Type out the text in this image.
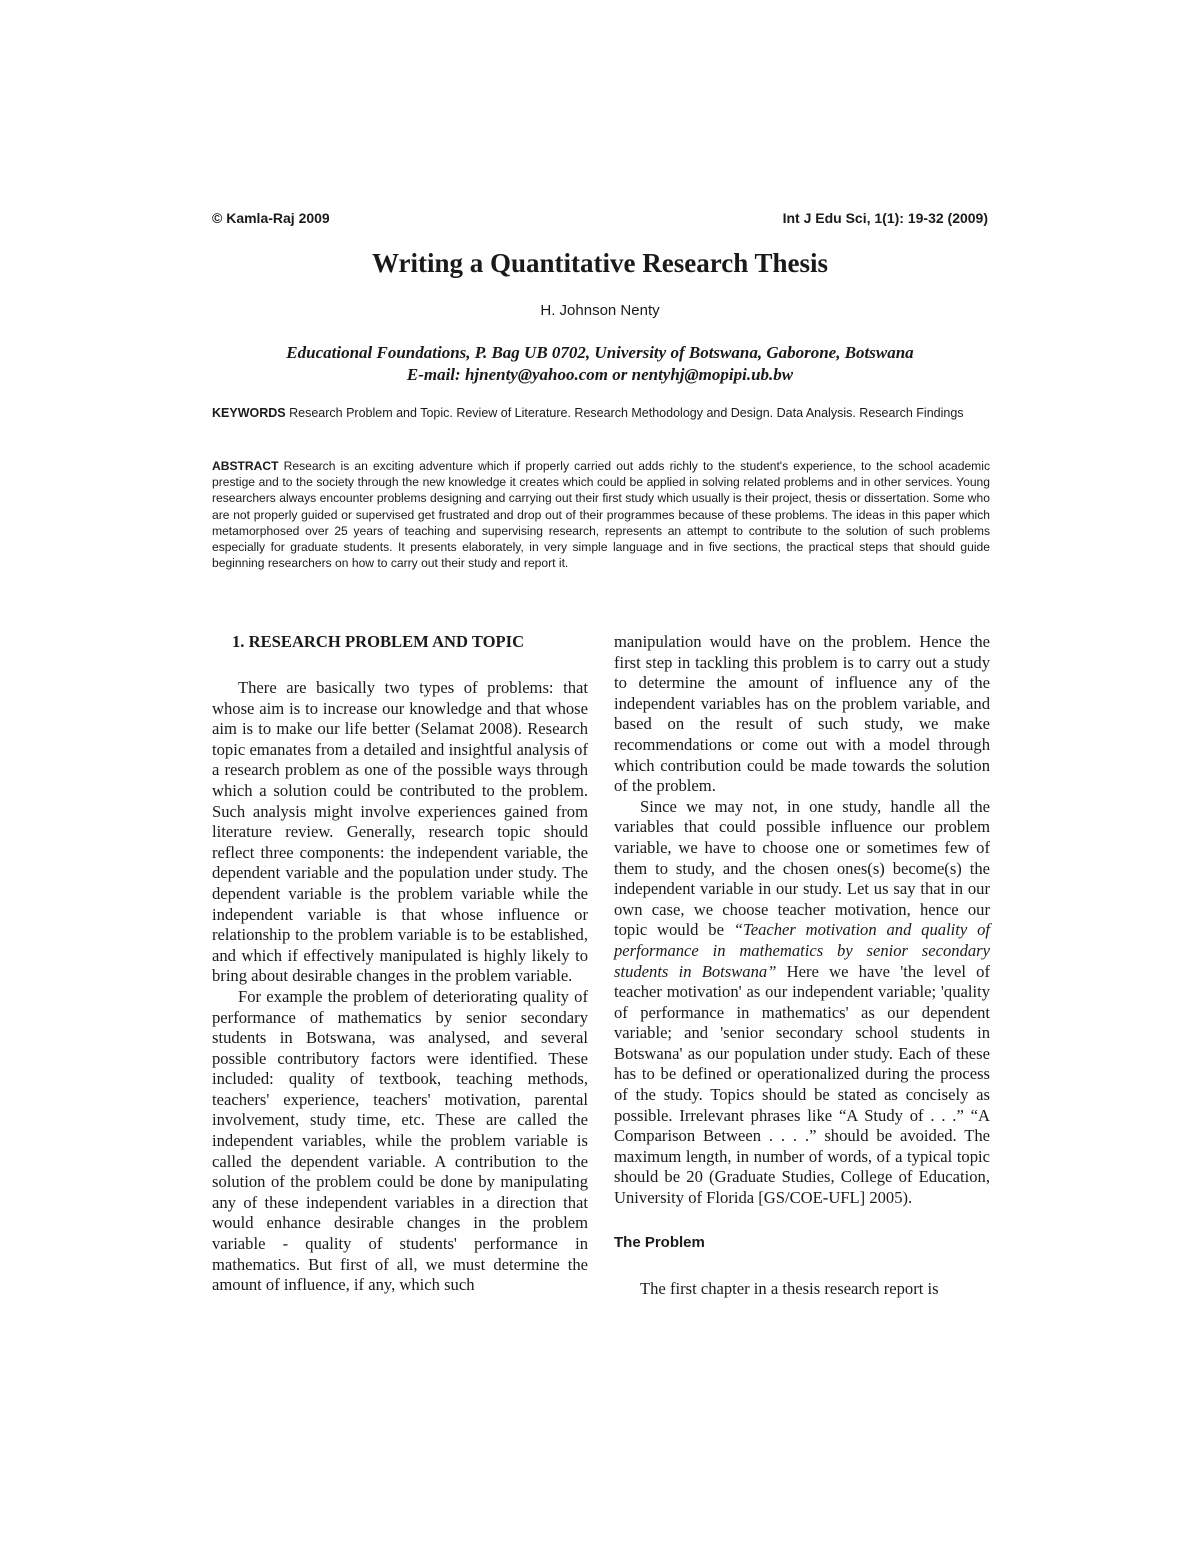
© Kamla-Raj 2009	Int J Edu Sci, 1(1): 19-32 (2009)
Writing a Quantitative Research Thesis
H. Johnson Nenty
Educational Foundations, P. Bag UB 0702, University of Botswana, Gaborone, Botswana
E-mail: hjnenty@yahoo.com or nentyhj@mopipi.ub.bw
KEYWORDS Research Problem and Topic. Review of Literature. Research Methodology and Design. Data Analysis. Research Findings
ABSTRACT Research is an exciting adventure which if properly carried out adds richly to the student's experience, to the school academic prestige and to the society through the new knowledge it creates which could be applied in solving related problems and in other services. Young researchers always encounter problems designing and carrying out their first study which usually is their project, thesis or dissertation. Some who are not properly guided or supervised get frustrated and drop out of their programmes because of these problems. The ideas in this paper which metamorphosed over 25 years of teaching and supervising research, represents an attempt to contribute to the solution of such problems especially for graduate students. It presents elaborately, in very simple language and in five sections, the practical steps that should guide beginning researchers on how to carry out their study and report it.
1. RESEARCH PROBLEM AND TOPIC

There are basically two types of problems: that whose aim is to increase our knowledge and that whose aim is to make our life better (Selamat 2008). Research topic emanates from a detailed and insightful analysis of a research problem as one of the possible ways through which a solution could be contributed to the problem. Such analysis might involve experiences gained from literature review. Generally, research topic should reflect three components: the independent variable, the dependent variable and the population under study. The dependent variable is the problem variable while the independent variable is that whose influence or relationship to the problem variable is to be established, and which if effectively manipulated is highly likely to bring about desirable changes in the problem variable.

For example the problem of deteriorating quality of performance of mathematics by senior secondary students in Botswana, was analysed, and several possible contributory factors were identified. These included: quality of textbook, teaching methods, teachers' experience, teachers' motivation, parental involvement, study time, etc. These are called the independent variables, while the problem variable is called the dependent variable. A contribution to the solution of the problem could be done by manipulating any of these independent variables in a direction that would enhance desirable changes in the problem variable - quality of students' performance in mathematics. But first of all, we must determine the amount of influence, if any, which such

manipulation would have on the problem. Hence the first step in tackling this problem is to carry out a study to determine the amount of influence any of the independent variables has on the problem variable, and based on the result of such study, we make recommendations or come out with a model through which contribution could be made towards the solution of the problem.

Since we may not, in one study, handle all the variables that could possible influence our problem variable, we have to choose one or sometimes few of them to study, and the chosen ones(s) become(s) the independent variable in our study. Let us say that in our own case, we choose teacher motivation, hence our topic would be “Teacher motivation and quality of performance in mathematics by senior secondary students in Botswana” Here we have 'the level of teacher motivation' as our independent variable; 'quality of performance in mathematics' as our dependent variable; and 'senior secondary school students in Botswana' as our population under study. Each of these has to be defined or operationalized during the process of the study. Topics should be stated as concisely as possible. Irrelevant phrases like “A Study of . . .” “A Comparison Between . . . .” should be avoided. The maximum length, in number of words, of a typical topic should be 20 (Graduate Studies, College of Education, University of Florida [GS/COE-UFL] 2005).

The Problem

The first chapter in a thesis research report is
